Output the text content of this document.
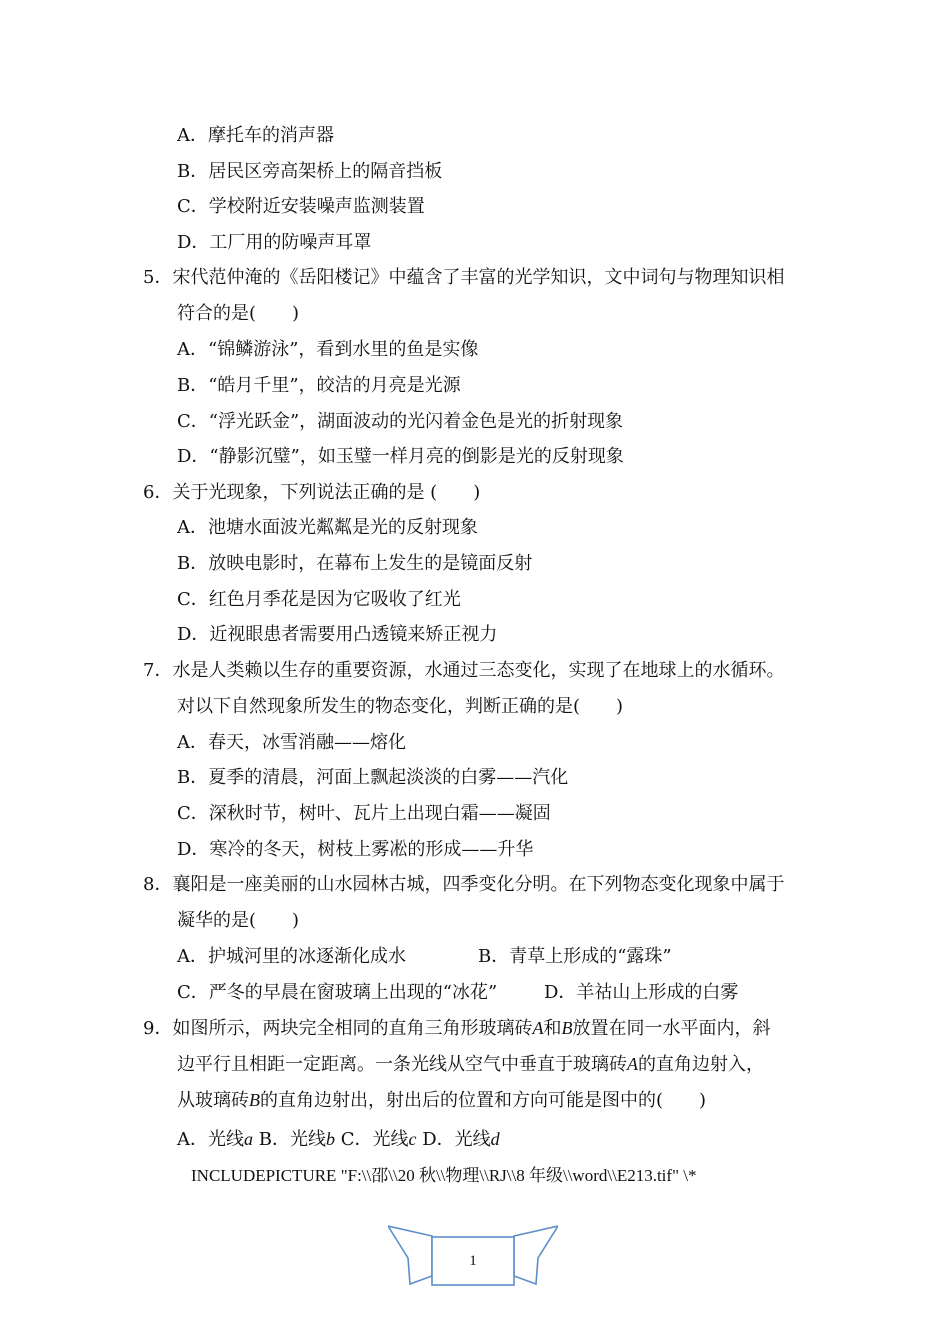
A．摩托车的消声器
B．居民区旁高架桥上的隔音挡板
C．学校附近安装噪声监测装置
D．工厂用的防噪声耳罩
5．宋代范仲淹的《岳阳楼记》中蕴含了丰富的光学知识，文中词句与物理知识相
符合的是(　　)
A．“锦鳞游泳”，看到水里的鱼是实像
B．“皓月千里”，皎洁的月亮是光源
C．“浮光跃金”，湖面波动的光闪着金色是光的折射现象
D．“静影沉璧”，如玉璧一样月亮的倒影是光的反射现象
6．关于光现象，下列说法正确的是 (　　)
A．池塘水面波光粼粼是光的反射现象
B．放映电影时，在幕布上发生的是镜面反射
C．红色月季花是因为它吸收了红光
D．近视眼患者需要用凸透镜来矫正视力
7．水是人类赖以生存的重要资源，水通过三态变化，实现了在地球上的水循环。
对以下自然现象所发生的物态变化，判断正确的是(　　)
A．春天，冰雪消融——熔化
B．夏季的清晨，河面上飘起淡淡的白雾——汽化
C．深秋时节，树叶、瓦片上出现白霜——凝固
D．寒冷的冬天，树枝上雾凇的形成——升华
8．襄阳是一座美丽的山水园林古城，四季变化分明。在下列物态变化现象中属于
凝华的是(　　)
A．护城河里的冰逐渐化成水	B．青草上形成的“露珠”
C．严冬的早晨在窗玻璃上出现的“冰花”	D．羊祜山上形成的白雾
9．如图所示，两块完全相同的直角三角形玻璃砖A和B放置在同一水平面内，斜
边平行且相距一定距离。一条光线从空气中垂直于玻璃砖A的直角边射入，
从玻璃砖B的直角边射出，射出后的位置和方向可能是图中的(　　)
A．光线a B．光线b C．光线c D．光线d
INCLUDEPICTURE "F:\\邵\\20 秋\\物理\\RJ\\8 年级\\word\\E213.tif" \*
1
